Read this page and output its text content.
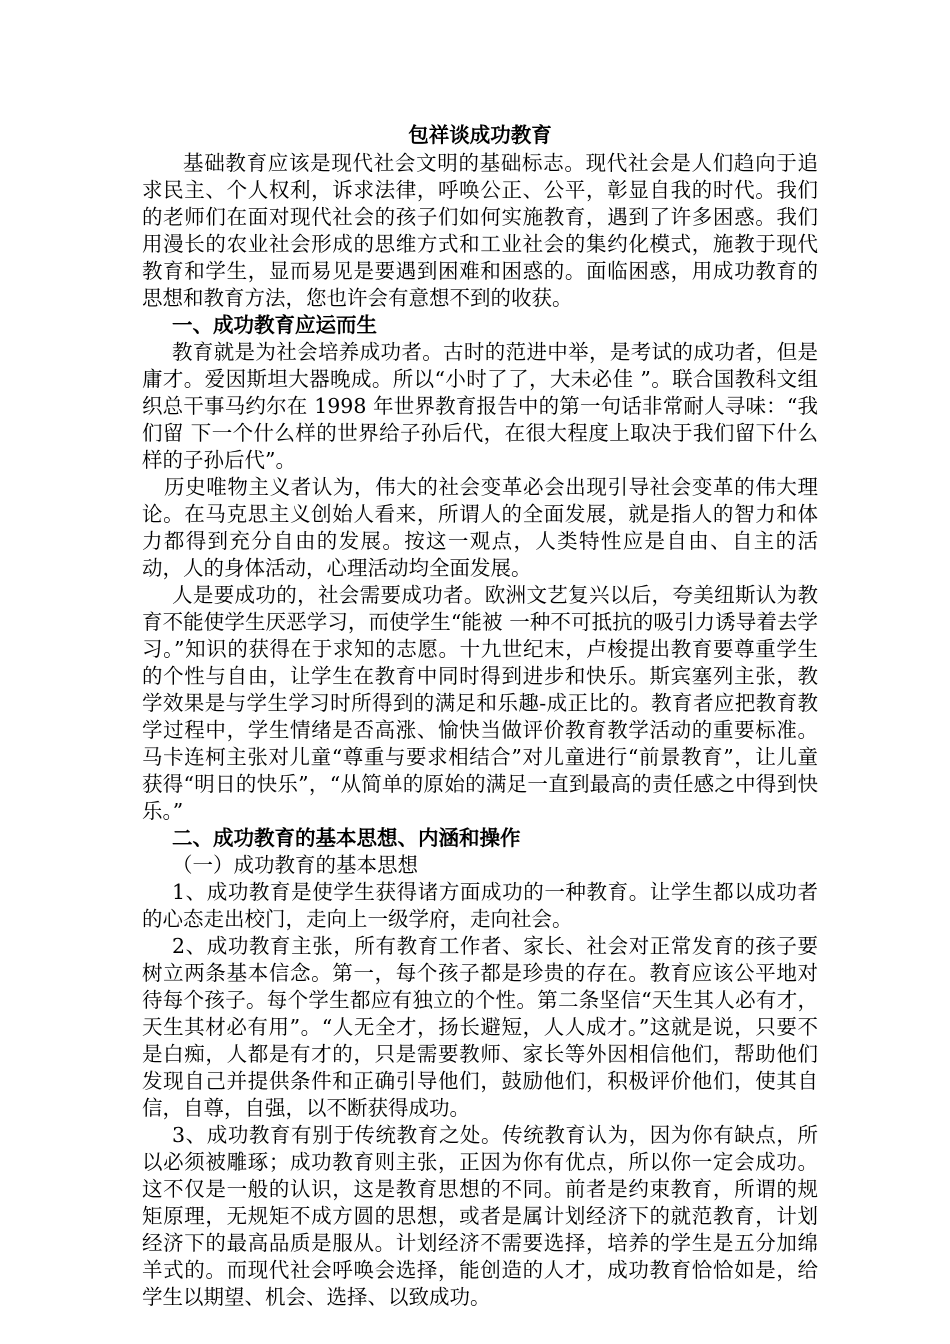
包祥谈成功教育

基础教育应该是现代社会文明的基础标志。现代社会是人们趋向于追求民主、个人权利，诉求法律，呼唤公正、公平，彰显自我的时代。我们的老师们在面对现代社会的孩子们如何实施教育，遇到了许多困惑。我们用漫长的农业社会形成的思维方式和工业社会的集约化模式，施教于现代教育和学生，显而易见是要遇到困难和困惑的。面临困惑，用成功教育的思想和教育方法，您也许会有意想不到的收获。

一、成功教育应运而生

教育就是为社会培养成功者。古时的范进中举，是考试的成功者，但是庸才。爱因斯坦大器晚成。所以“小时了了，大未必佳 ”。联合国教科文组织总干事马约尔在 1998 年世界教育报告中的第一句话非常耐人寻味：“我们留 下一个什么样的世界给子孙后代，在很大程度上取决于我们留下什么样的子孙后代”。

历史唯物主义者认为，伟大的社会变革必会出现引导社会变革的伟大理论。在马克思主义创始人看来，所谓人的全面发展，就是指人的智力和体力都得到充分自由的发展。按这一观点，人类特性应是自由、自主的活动，人的身体活动，心理活动均全面发展。

人是要成功的，社会需要成功者。欧洲文艺复兴以后，夸美纽斯认为教育不能使学生厌恶学习，而使学生“能被 一种不可抵抗的吸引力诱导着去学习。”知识的获得在于求知的志愿。十九世纪末，卢梭提出教育要尊重学生的个性与自由，让学生在教育中同时得到进步和快乐。斯宾塞列主张，教学效果是与学生学习时所得到的满足和乐趣-成正比的。教育者应把教育教学过程中，学生情绪是否高涨、愉快当做评价教育教学活动的重要标准。马卡连柯主张对儿童“尊重与要求相结合”对儿童进行“前景教育”，让儿童获得“明日的快乐”，“从简单的原始的满足一直到最高的责任感之中得到快乐。”

二、成功教育的基本思想、内涵和操作

（一）成功教育的基本思想

1、成功教育是使学生获得诸方面成功的一种教育。让学生都以成功者的心态走出校门，走向上一级学府，走向社会。

2、成功教育主张，所有教育工作者、家长、社会对正常发育的孩子要树立两条基本信念。第一，每个孩子都是珍贵的存在。教育应该公平地对待每个孩子。每个学生都应有独立的个性。第二条坚信“天生其人必有才，天生其材必有用”。“人无全才，扬长避短，人人成才。”这就是说，只要不是白痴，人都是有才的，只是需要教师、家长等外因相信他们，帮助他们发现自己并提供条件和正确引导他们，鼓励他们，积极评价他们，使其自信，自尊，自强，以不断获得成功。

3、成功教育有别于传统教育之处。传统教育认为，因为你有缺点，所以必须被雕琢；成功教育则主张，正因为你有优点，所以你一定会成功。这不仅是一般的认识，这是教育思想的不同。前者是约束教育，所谓的规矩原理，无规矩不成方圆的思想，或者是属计划经济下的就范教育，计划经济下的最高品质是服从。计划经济不需要选择，培养的学生是五分加绵羊式的。而现代社会呼唤会选择，能创造的人才，成功教育恰恰如是，给学生以期望、机会、选择、以致成功。
